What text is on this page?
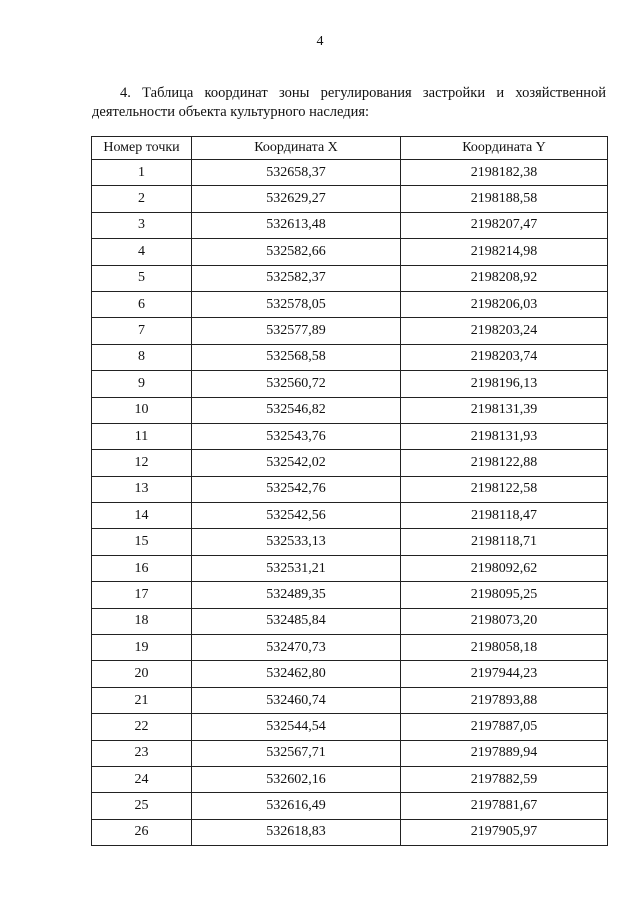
4
4. Таблица координат зоны регулирования застройки и хозяйственной
деятельности объекта культурного наследия:
Номер точки	Координата X	Координата Y
1	532658,37	2198182,38
2	532629,27	2198188,58
3	532613,48	2198207,47
4	532582,66	2198214,98
5	532582,37	2198208,92
6	532578,05	2198206,03
7	532577,89	2198203,24
8	532568,58	2198203,74
9	532560,72	2198196,13
10	532546,82	2198131,39
11	532543,76	2198131,93
12	532542,02	2198122,88
13	532542,76	2198122,58
14	532542,56	2198118,47
15	532533,13	2198118,71
16	532531,21	2198092,62
17	532489,35	2198095,25
18	532485,84	2198073,20
19	532470,73	2198058,18
20	532462,80	2197944,23
21	532460,74	2197893,88
22	532544,54	2197887,05
23	532567,71	2197889,94
24	532602,16	2197882,59
25	532616,49	2197881,67
26	532618,83	2197905,97
